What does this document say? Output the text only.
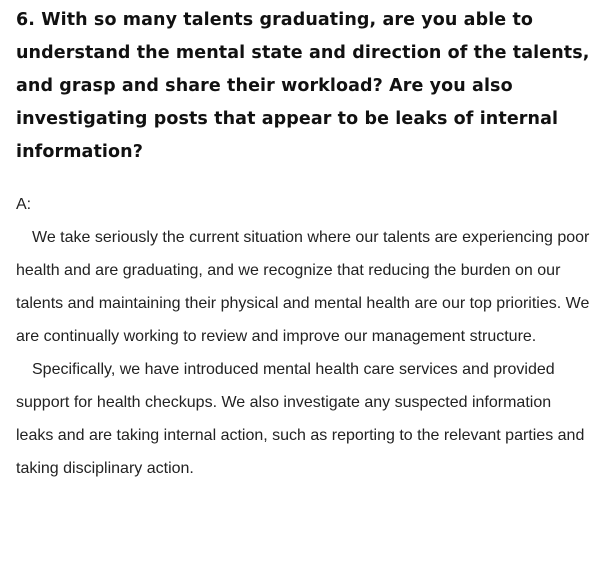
6. With so many talents graduating, are you able to understand the mental state and direction of the talents, and grasp and share their workload? Are you also investigating posts that appear to be leaks of internal information?

A:

We take seriously the current situation where our talents are experiencing poor health and are graduating, and we recognize that reducing the burden on our talents and maintaining their physical and mental health are our top priorities. We are continually working to review and improve our management structure.

Specifically, we have introduced mental health care services and provided support for health checkups. We also investigate any suspected information leaks and are taking internal action, such as reporting to the relevant parties and taking disciplinary action.
